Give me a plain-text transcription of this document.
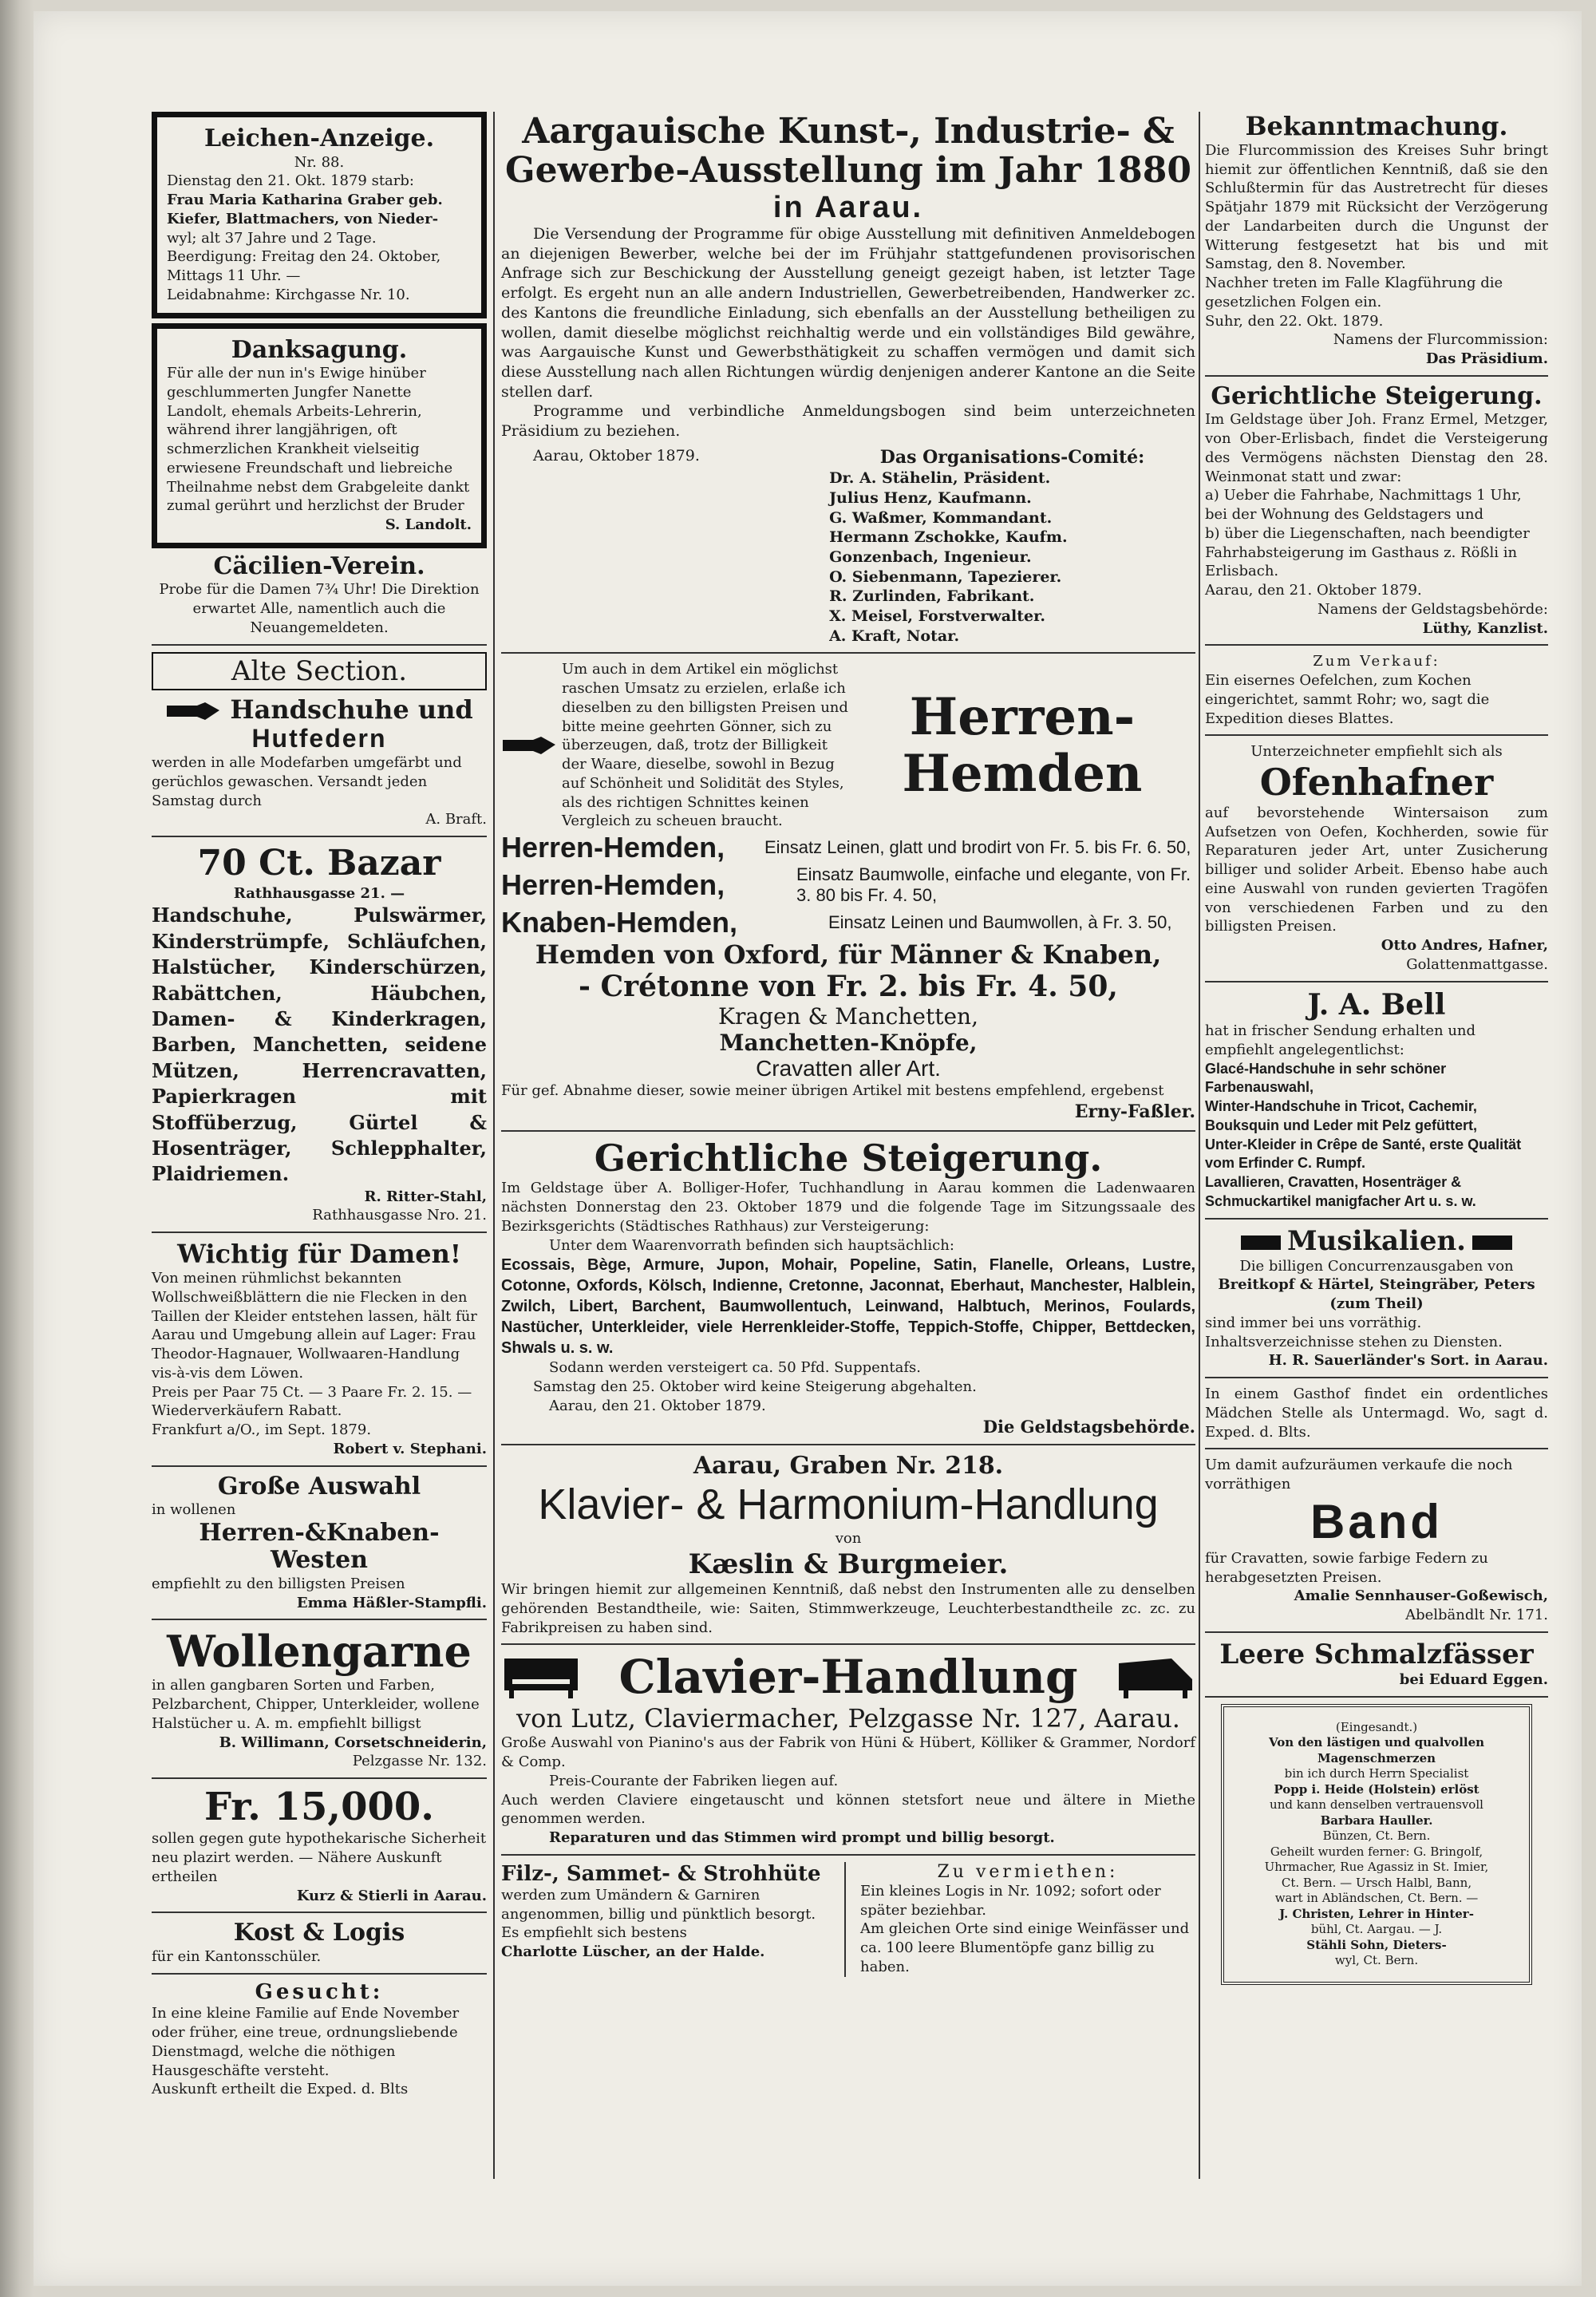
Leichen-Anzeige.
Nr. 88.
Dienstag den 21. Okt. 1879 starb:
Frau Maria Katharina Graber geb. Kiefer, Blattmachers, von Nieder-
wyl; alt 37 Jahre und 2 Tage.
Beerdigung: Freitag den 24. Oktober, Mittags 11 Uhr. —
Leidabnahme: Kirchgasse Nr. 10.
Danksagung.
Für alle der nun in's Ewige hinüber geschlummerten Jungfer Nanette Landolt, ehemals Arbeits-Lehrerin, während ihrer langjährigen, oft schmerzlichen Krankheit vielseitig erwiesene Freundschaft und liebreiche Theilnahme nebst dem Grabgeleite dankt zumal gerührt und herzlichst der Bruder
S. Landolt.
Cäcilien-Verein.
Probe für die Damen 7¾ Uhr! Die Direktion erwartet Alle, namentlich auch die Neuangemeldeten.
Alte Section.
Handschuhe und
Hutfedern
werden in alle Modefarben umgefärbt und gerüchlos gewaschen. Versandt jeden Samstag durch
A. Braft.
70 Ct. Bazar
Rathhausgasse 21. —
Handschuhe, Pulswärmer, Kinderstrümpfe, Schläufchen, Halstücher, Kinderschürzen, Rabättchen, Häubchen, Damen- & Kinderkragen, Barben, Manchetten, seidene Mützen, Herrencravatten, Papierkragen mit Stoffüberzug, Gürtel & Hosenträger, Schlepphalter, Plaidriemen.
R. Ritter-Stahl,
Rathhausgasse Nro. 21.
Wichtig für Damen!
Von meinen rühmlichst bekannten Wollschweißblättern die nie Flecken in den Taillen der Kleider entstehen lassen, hält für Aarau und Umgebung allein auf Lager: Frau Theodor-Hagnauer, Wollwaaren-Handlung vis-à-vis dem Löwen.
Preis per Paar 75 Ct. — 3 Paare Fr. 2. 15. — Wiederverkäufern Rabatt.
Frankfurt a/O., im Sept. 1879.
Robert v. Stephani.
Große Auswahl
in wollenen
Herren-&Knaben-Westen
empfiehlt zu den billigsten Preisen
Emma Häßler-Stampfli.
Wollengarne
in allen gangbaren Sorten und Farben, Pelzbarchent, Chipper, Unterkleider, wollene Halstücher u. A. m. empfiehlt billigst
B. Willimann, Corsetschneiderin,
Pelzgasse Nr. 132.
Fr. 15,000.
sollen gegen gute hypothekarische Sicherheit neu plazirt werden. — Nähere Auskunft ertheilen
Kurz & Stierli in Aarau.
Kost & Logis
für ein Kantonsschüler.
Gesucht:
In eine kleine Familie auf Ende November oder früher, eine treue, ordnungsliebende Dienstmagd, welche die nöthigen Hausgeschäfte versteht.
Auskunft ertheilt die Exped. d. Blts
Aargauische Kunst-, Industrie- &
Gewerbe-Ausstellung im Jahr 1880
in Aarau.
Die Versendung der Programme für obige Ausstellung mit definitiven Anmeldebogen an diejenigen Bewerber, welche bei der im Frühjahr stattgefundenen provisorischen Anfrage sich zur Beschickung der Ausstellung geneigt gezeigt haben, ist letzter Tage erfolgt. Es ergeht nun an alle andern Industriellen, Gewerbetreibenden, Handwerker zc. des Kantons die freundliche Einladung, sich ebenfalls an der Ausstellung betheiligen zu wollen, damit dieselbe möglichst reichhaltig werde und ein vollständiges Bild gewähre, was Aargauische Kunst und Gewerbsthätigkeit zu schaffen vermögen und damit sich diese Ausstellung nach allen Richtungen würdig denjenigen anderer Kantone an die Seite stellen darf.
Programme und verbindliche Anmeldungsbogen sind beim unterzeichneten Präsidium zu beziehen.
Aarau, Oktober 1879.	Das Organisations-Comité:
Dr. A. Stähelin, Präsident.
Julius Henz, Kaufmann.
G. Waßmer, Kommandant.
Hermann Zschokke, Kaufm.
Gonzenbach, Ingenieur.
O. Siebenmann, Tapezierer.
R. Zurlinden, Fabrikant.
X. Meisel, Forstverwalter.
A. Kraft, Notar.
Um auch in dem Artikel ein möglichst raschen Umsatz zu erzielen, erlaße ich dieselben zu den billigsten Preisen und bitte meine geehrten Gönner, sich zu überzeugen, daß, trotz der Billigkeit der Waare, dieselbe, sowohl in Bezug auf Schönheit und Solidität des Styles, als des richtigen Schnittes keinen Vergleich zu scheuen braucht.
Herren-Hemden
Herren-Hemden,	Einsatz Leinen, glatt und brodirt von Fr. 5. bis Fr. 6. 50,
Herren-Hemden,	Einsatz Baumwolle, einfache und elegante, von Fr. 3. 80 bis Fr. 4. 50,
Knaben-Hemden,	Einsatz Leinen und Baumwollen, à Fr. 3. 50,
Hemden von Oxford, für Männer & Knaben,
- Crétonne von Fr. 2. bis Fr. 4. 50,
Kragen & Manchetten,
Manchetten-Knöpfe,
Cravatten aller Art.
Für gef. Abnahme dieser, sowie meiner übrigen Artikel mit bestens empfehlend, ergebenst
Erny-Faßler.
Gerichtliche Steigerung.
Im Geldstage über A. Bolliger-Hofer, Tuchhandlung in Aarau kommen die Ladenwaaren nächsten Donnerstag den 23. Oktober 1879 und die folgende Tage im Sitzungssaale des Bezirksgerichts (Städtisches Rathhaus) zur Versteigerung:
Unter dem Waarenvorrath befinden sich hauptsächlich:
Ecossais, Bège, Armure, Jupon, Mohair, Popeline, Satin, Flanelle, Orleans, Lustre, Cotonne, Oxfords, Kölsch, Indienne, Cretonne, Jaconnat, Eberhaut, Manchester, Halblein, Zwilch, Libert, Barchent, Baumwollentuch, Leinwand, Halbtuch, Merinos, Foulards, Nastücher, Unterkleider, viele Herrenkleider-Stoffe, Teppich-Stoffe, Chipper, Bettdecken, Shwals u. s. w.
Sodann werden versteigert ca. 50 Pfd. Suppentafs.
Samstag den 25. Oktober wird keine Steigerung abgehalten.
Aarau, den 21. Oktober 1879.
Die Geldstagsbehörde.
Aarau, Graben Nr. 218.
Klavier- & Harmonium-Handlung
von
Kæslin & Burgmeier.
Wir bringen hiemit zur allgemeinen Kenntniß, daß nebst den Instrumenten alle zu denselben gehörenden Bestandtheile, wie: Saiten, Stimmwerkzeuge, Leuchterbestandtheile zc. zc. zu Fabrikpreisen zu haben sind.
Clavier-Handlung
von Lutz, Claviermacher, Pelzgasse Nr. 127, Aarau.
Große Auswahl von Pianino's aus der Fabrik von Hüni & Hübert, Kölliker & Grammer, Nordorf & Comp.
Preis-Courante der Fabriken liegen auf.
Auch werden Claviere eingetauscht und können stetsfort neue und ältere in Miethe genommen werden.
Reparaturen und das Stimmen wird prompt und billig besorgt.
Filz-, Sammet- & Strohhüte
werden zum Umändern & Garniren angenommen, billig und pünktlich besorgt. Es empfiehlt sich bestens
Charlotte Lüscher, an der Halde.
Zu vermiethen:
Ein kleines Logis in Nr. 1092; sofort oder später beziehbar.
Am gleichen Orte sind einige Weinfässer und ca. 100 leere Blumentöpfe ganz billig zu haben.
Bekanntmachung.
Die Flurcommission des Kreises Suhr bringt hiemit zur öffentlichen Kenntniß, daß sie den Schlußtermin für das Austretrecht für dieses Spätjahr 1879 mit Rücksicht der Verzögerung der Landarbeiten durch die Ungunst der Witterung festgesetzt hat bis und mit Samstag, den 8. November.
Nachher treten im Falle Klagführung die gesetzlichen Folgen ein.
Suhr, den 22. Okt. 1879.
Namens der Flurcommission:
Das Präsidium.
Gerichtliche Steigerung.
Im Geldstage über Joh. Franz Ermel, Metzger, von Ober-Erlisbach, findet die Versteigerung des Vermögens nächsten Dienstag den 28. Weinmonat statt und zwar:
a) Ueber die Fahrhabe, Nachmittags 1 Uhr, bei der Wohnung des Geldstagers und
b) über die Liegenschaften, nach beendigter Fahrhabsteigerung im Gasthaus z. Rößli in Erlisbach.
Aarau, den 21. Oktober 1879.
Namens der Geldstagsbehörde:
Lüthy, Kanzlist.
Zum Verkauf:
Ein eisernes Oefelchen, zum Kochen eingerichtet, sammt Rohr; wo, sagt die Expedition dieses Blattes.
Unterzeichneter empfiehlt sich als
Ofenhafner
auf bevorstehende Wintersaison zum Aufsetzen von Oefen, Kochherden, sowie für Reparaturen jeder Art, unter Zusicherung billiger und solider Arbeit. Ebenso habe auch eine Auswahl von runden gevierten Tragöfen von verschiedenen Farben und zu den billigsten Preisen.
Otto Andres, Hafner,
Golattenmattgasse.
J. A. Bell
hat in frischer Sendung erhalten und empfiehlt angelegentlichst:
Glacé-Handschuhe in sehr schöner Farbenauswahl,
Winter-Handschuhe in Tricot, Cachemir, Bouksquin und Leder mit Pelz gefüttert,
Unter-Kleider in Crêpe de Santé, erste Qualität vom Erfinder C. Rumpf.
Lavallieren, Cravatten, Hosenträger & Schmuckartikel manigfacher Art u. s. w.
Musikalien.
Die billigen Concurrenzausgaben von
Breitkopf & Härtel, Steingräber, Peters (zum Theil)
sind immer bei uns vorräthig.
Inhaltsverzeichnisse stehen zu Diensten.
H. R. Sauerländer's Sort. in Aarau.
In einem Gasthof findet ein ordentliches Mädchen Stelle als Untermagd. Wo, sagt d. Exped. d. Blts.
Um damit aufzuräumen verkaufe die noch vorräthigen
Band
für Cravatten, sowie farbige Federn zu herabgesetzten Preisen.
Amalie Sennhauser-Goßewisch,
Abelbändlt Nr. 171.
Leere Schmalzfässer
bei Eduard Eggen.
(Eingesandt.)
Von den lästigen und qualvollen Magenschmerzen
bin ich durch Herrn Specialist
Popp i. Heide (Holstein) erlöst
und kann denselben vertrauensvoll
Barbara Hauller.
Bünzen, Ct. Bern.
Geheilt wurden ferner: G. Bringolf,
Uhrmacher, Rue Agassiz in St. Imier,
Ct. Bern. — Ursch Halbl, Bann,
wart in Abländschen, Ct. Bern. —
J. Christen, Lehrer in Hinter-
bühl, Ct. Aargau. — J.
Stähli Sohn, Dieters-
wyl, Ct. Bern.
